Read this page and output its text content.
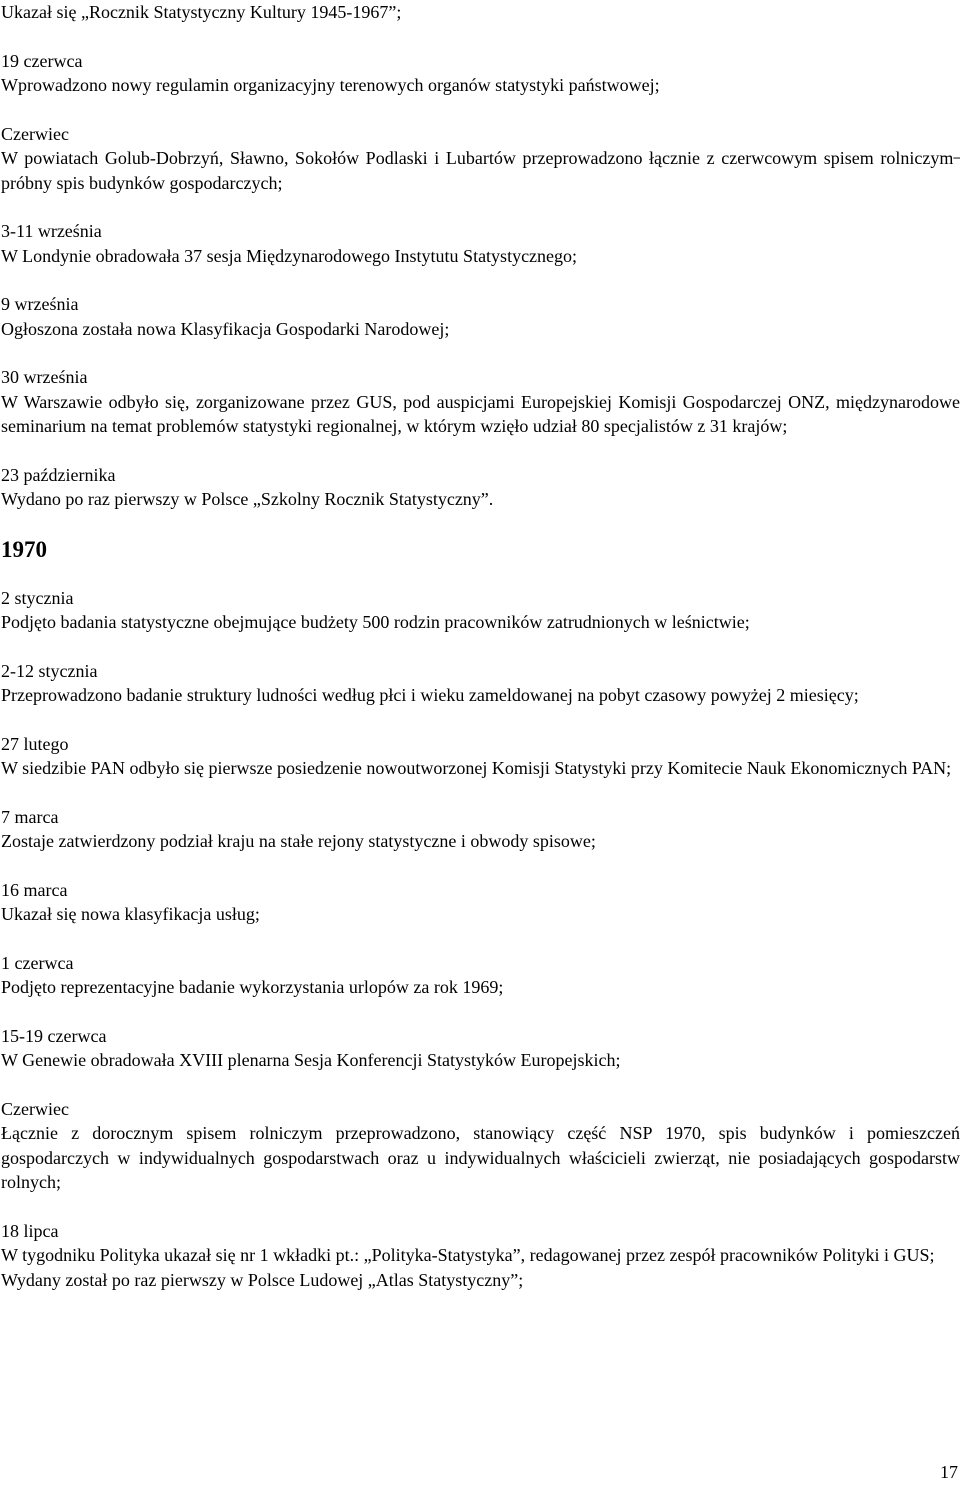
Ukazał się „Rocznik Statystyczny Kultury 1945-1967”;

19 czerwca

Wprowadzono nowy regulamin organizacyjny terenowych organów statystyki państwowej;

Czerwiec

W powiatach Golub-Dobrzyń, Sławno, Sokołów Podlaski i Lubartów przeprowadzono łącznie z czerwcowym spisem rolniczym ̶ próbny spis budynków gospodarczych;

3-11 września

W Londynie obradowała 37 sesja Międzynarodowego Instytutu Statystycznego;

9 września

Ogłoszona została nowa Klasyfikacja Gospodarki Narodowej;

30 września

W Warszawie odbyło się, zorganizowane przez GUS, pod auspicjami Europejskiej Komisji Gospodarczej ONZ, międzynarodowe seminarium na temat problemów statystyki regionalnej, w którym wzięło udział 80 specjalistów z 31 krajów;

23 października

Wydano po raz pierwszy w Polsce „Szkolny Rocznik Statystyczny”.

1970

2 stycznia

Podjęto badania statystyczne obejmujące budżety 500 rodzin pracowników zatrudnionych w leśnictwie;

2-12 stycznia

Przeprowadzono badanie struktury ludności według płci i wieku zameldowanej na pobyt czasowy powyżej 2 miesięcy;

27 lutego

W siedzibie PAN odbyło się pierwsze posiedzenie nowoutworzonej Komisji Statystyki przy Komitecie Nauk Ekonomicznych PAN;

7 marca

Zostaje zatwierdzony podział kraju na stałe rejony statystyczne i obwody spisowe;

16 marca

Ukazał się nowa klasyfikacja usług;

1 czerwca

Podjęto reprezentacyjne badanie wykorzystania urlopów za rok 1969;

15-19 czerwca

W Genewie obradowała XVIII plenarna Sesja Konferencji Statystyków Europejskich;

Czerwiec

Łącznie z dorocznym spisem rolniczym przeprowadzono, stanowiący część NSP 1970, spis budynków i pomieszczeń gospodarczych w indywidualnych gospodarstwach oraz u indywidualnych właścicieli zwierząt, nie posiadających gospodarstw rolnych;

18 lipca

W tygodniku Polityka ukazał się nr 1 wkładki pt.: „Polityka-Statystyka”, redagowanej przez zespół pracowników Polityki i GUS;

Wydany został po raz pierwszy w Polsce Ludowej „Atlas Statystyczny”;

17
